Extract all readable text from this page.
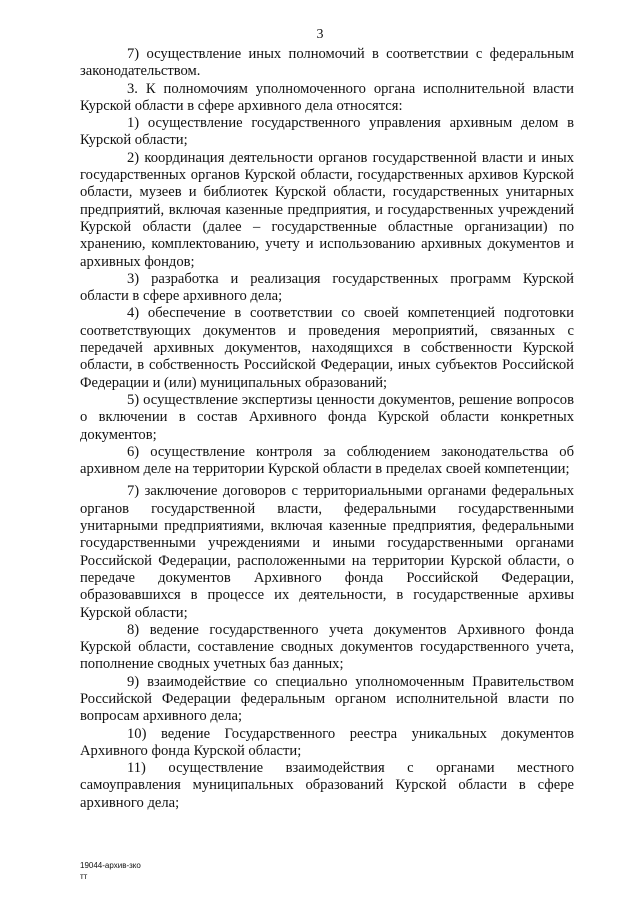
3

7) осуществление иных полномочий в соответствии с федеральным законодательством.

3. К полномочиям уполномоченного органа исполнительной власти Курской области в сфере архивного дела относятся:

1) осуществление государственного управления архивным делом в Курской области;

2) координация деятельности органов государственной власти и иных государственных органов Курской области, государственных архивов Курской области, музеев и библиотек Курской области, государственных унитарных предприятий, включая казенные предприятия, и государственных учреждений Курской области (далее – государственные областные организации) по хранению, комплектованию, учету и использованию архивных документов и архивных фондов;

3) разработка и реализация государственных программ Курской области в сфере архивного дела;

4) обеспечение в соответствии со своей компетенцией подготовки соответствующих документов и проведения мероприятий, связанных с передачей архивных документов, находящихся в собственности Курской области, в собственность Российской Федерации, иных субъектов Российской Федерации и (или) муниципальных образований;

5) осуществление экспертизы ценности документов, решение вопросов о включении в состав Архивного фонда Курской области конкретных документов;

6) осуществление контроля за соблюдением законодательства об архивном деле на территории Курской области в пределах своей компетенции;

7) заключение договоров с территориальными органами федеральных органов государственной власти, федеральными государственными унитарными предприятиями, включая казенные предприятия, федеральными государственными учреждениями и иными государственными органами Российской Федерации, расположенными на территории Курской области, о передаче документов Архивного фонда Российской Федерации, образовавшихся в процессе их деятельности, в государственные архивы Курской области;

8) ведение государственного учета документов Архивного фонда Курской области, составление сводных документов государственного учета, пополнение сводных учетных баз данных;

9) взаимодействие со специально уполномоченным Правительством Российской Федерации федеральным органом исполнительной власти по вопросам архивного дела;

10) ведение Государственного реестра уникальных документов Архивного фонда Курской области;

11) осуществление взаимодействия с органами местного самоуправления муниципальных образований Курской области в сфере архивного дела;

19044-архив-зко
тт
